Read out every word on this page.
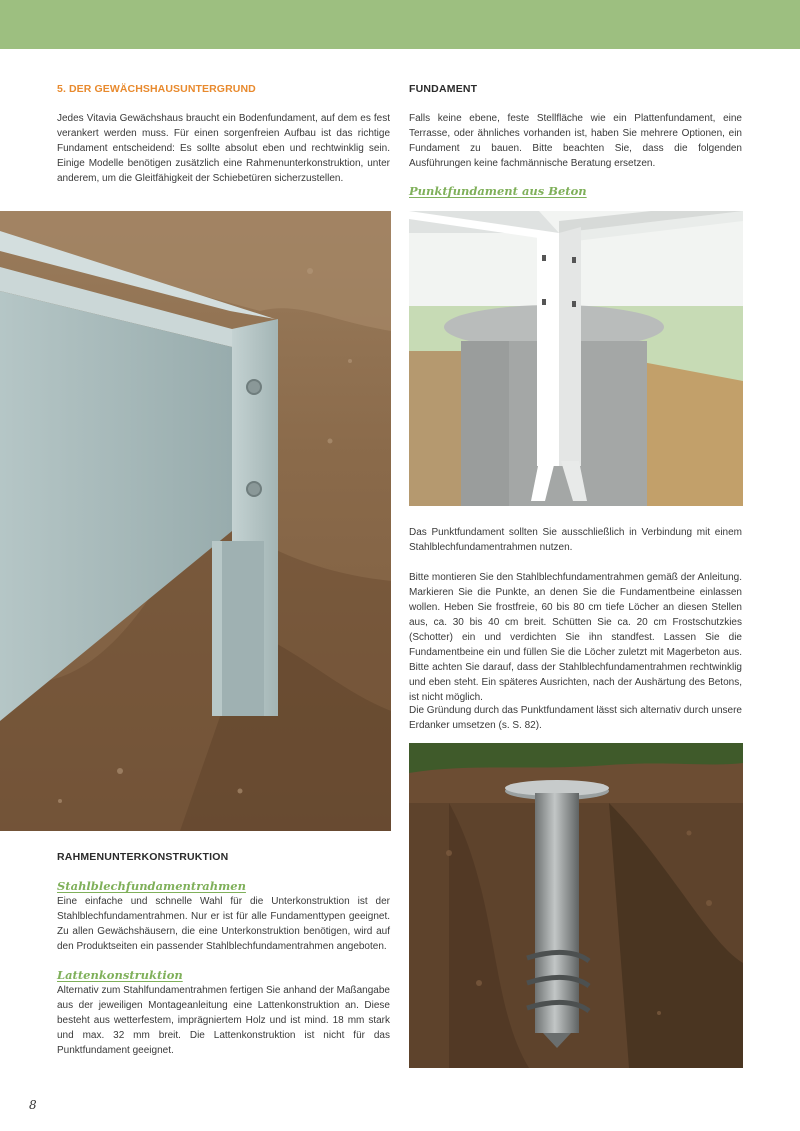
5. DER GEWÄCHSHAUSUNTERGRUND

Jedes Vitavia Gewächshaus braucht ein Bodenfundament, auf dem es fest verankert werden muss. Für einen sorgenfreien Aufbau ist das richtige Fundament entscheidend: Es sollte absolut eben und rechtwinklig sein. Einige Modelle benötigen zusätzlich eine Rahmenunterkonstruktion, unter anderem, um die Gleitfähigkeit der Schiebetüren sicherzustellen.

RAHMENUNTERKONSTRUKTION
Stahlblechfundamentrahmen

Eine einfache und schnelle Wahl für die Unterkonstruktion ist der Stahlblechfundamentrahmen. Nur er ist für alle Fundamenttypen geeignet. Zu allen Gewächshäusern, die eine Unterkonstruktion benötigen, wird auf den Produktseiten ein passender Stahlblechfundamentrahmen angeboten.

Lattenkonstruktion

Alternativ zum Stahlfundamentrahmen fertigen Sie anhand der Maßangabe aus der jeweiligen Montageanleitung eine Lattenkonstruktion an. Diese besteht aus wetterfestem, imprägniertem Holz und ist mind. 18 mm stark und max. 32 mm breit. Die Lattenkonstruktion ist nicht für das Punktfundament geeignet.

FUNDAMENT

Falls keine ebene, feste Stellfläche wie ein Plattenfundament, eine Terrasse, oder ähnliches vorhanden ist, haben Sie mehrere Optionen, ein Fundament zu bauen. Bitte beachten Sie, dass die folgenden Ausführungen keine fachmännische Beratung ersetzen.

Punktfundament aus Beton

Das Punktfundament sollten Sie ausschließlich in Verbindung mit einem Stahlblechfundamentrahmen nutzen.

Bitte montieren Sie den Stahlblechfundamentrahmen gemäß der Anleitung. Markieren Sie die Punkte, an denen Sie die Fundamentbeine einlassen wollen. Heben Sie frostfreie, 60 bis 80 cm tiefe Löcher an diesen Stellen aus, ca. 30 bis 40 cm breit. Schütten Sie ca. 20 cm Frostschutzkies (Schotter) ein und verdichten Sie ihn standfest. Lassen Sie die Fundamentbeine ein und füllen Sie die Löcher zuletzt mit Magerbeton aus. Bitte achten Sie darauf, dass der Stahlblechfundamentrahmen rechtwinklig und eben steht. Ein späteres Ausrichten, nach der Aushärtung des Betons, ist nicht möglich.

Die Gründung durch das Punktfundament lässt sich alternativ durch unsere Erdanker umsetzen (s. S. 82).

8
